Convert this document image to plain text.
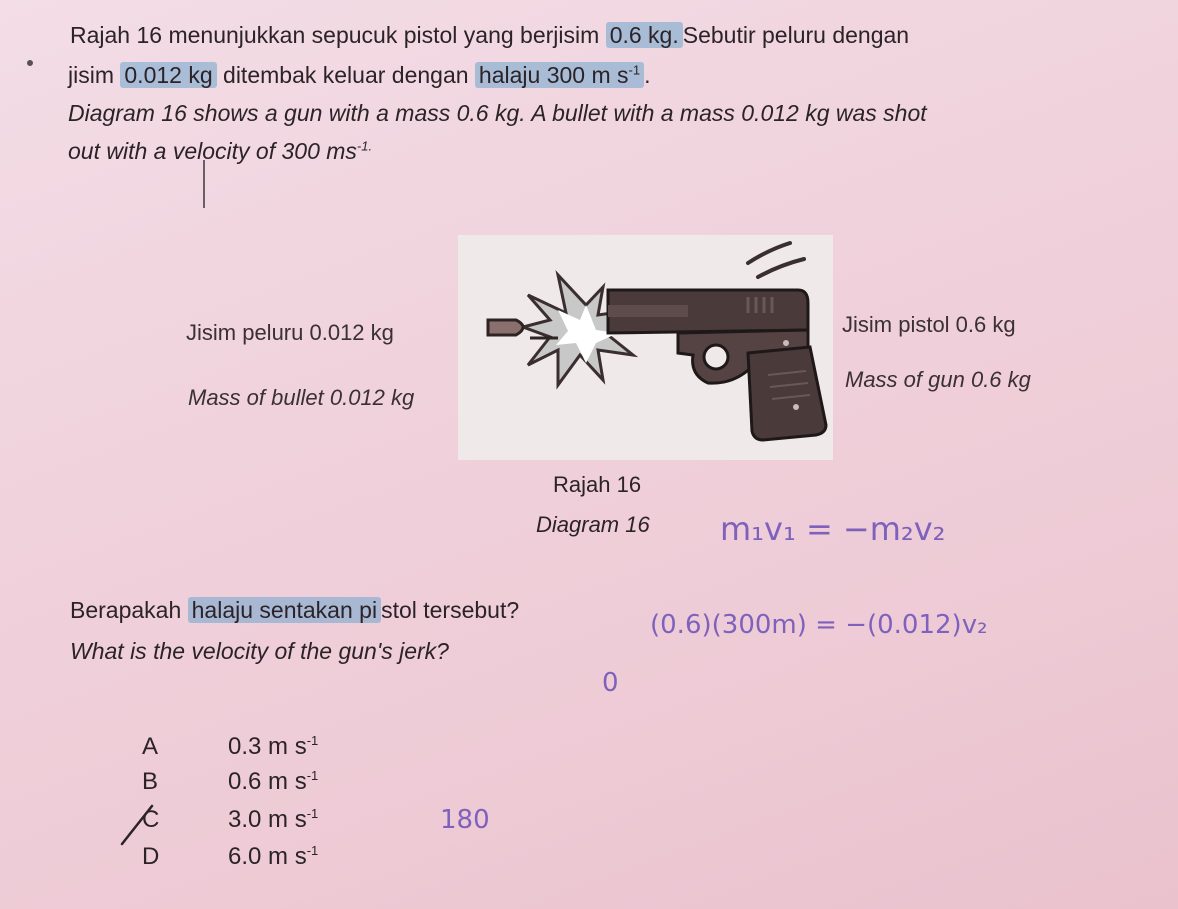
Rajah 16 menunjukkan sepucuk pistol yang berjisim 0.6 kg. Sebutir peluru dengan
jisim 0.012 kg ditembak keluar dengan halaju 300 m $s^{-1}$ .
Diagram 16 shows a gun with a mass 0.6 kg. A bullet with a mass 0.012 kg was shot
out with a velocity of 300 $ms^{-1.}$
Jisim peluru 0.012 kg
Mass of bullet 0.012 kg
Jisim pistol 0.6 kg
Mass of gun 0.6 kg
Rajah 16
Diagram 16
Berapakah halaju sentakan pi stol tersebut?
What is the velocity of the gun's jerk?
A	0.3 m $s^{-1}$
B	0.6 m $s^{-1}$
C	3.0 m $s^{-1}$
D	6.0 m $s^{-1}$
m₁v₁ = −m₂v₂
(0.6)(300m) = −(0.012)v₂
0
180
